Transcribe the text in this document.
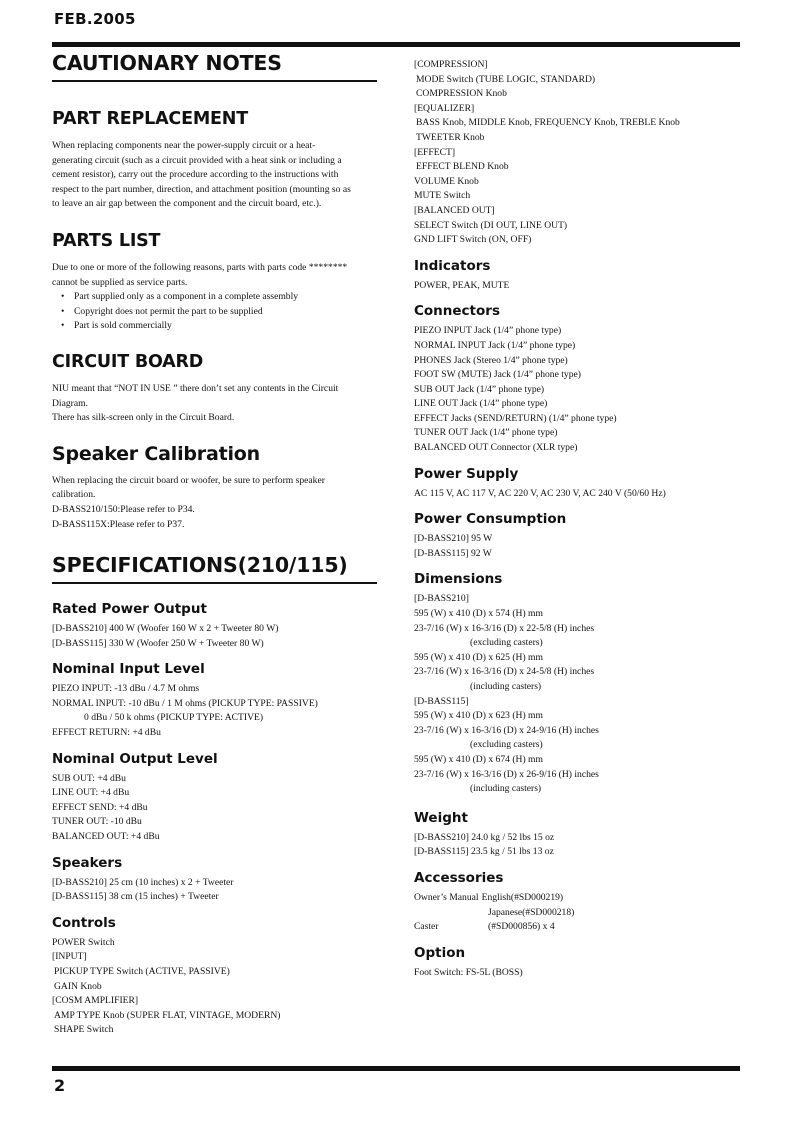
FEB.2005
CAUTIONARY NOTES
PART REPLACEMENT
When replacing components near the power-supply circuit or a heat-
generating circuit (such as a circuit provided with a heat sink or including a
cement resistor), carry out the procedure according to the instructions with
respect to the part number, direction, and attachment position (mounting so as
to leave an air gap between the component and the circuit board, etc.).
PARTS LIST
Due to one or more of the following reasons, parts with parts code ********
cannot be supplied as service parts.
• Part supplied only as a component in a complete assembly
• Copyright does not permit the part to be supplied
• Part is sold commercially
CIRCUIT BOARD
NIU meant that “NOT IN USE ” there don’t set any contents in the Circuit
Diagram.
There has silk-screen only in the Circuit Board.
Speaker Calibration
When replacing the circuit board or woofer, be sure to perform speaker
calibration.
D-BASS210/150:Please refer to P34.
D-BASS115X:Please refer to P37.
SPECIFICATIONS(210/115)
Rated Power Output
[D-BASS210] 400 W (Woofer 160 W x 2 + Tweeter 80 W)
[D-BASS115] 330 W (Woofer 250 W + Tweeter 80 W)
Nominal Input Level
PIEZO INPUT: -13 dBu / 4.7 M ohms
NORMAL INPUT: -10 dBu / 1 M ohms (PICKUP TYPE: PASSIVE)
0 dBu / 50 k ohms (PICKUP TYPE: ACTIVE)
EFFECT RETURN: +4 dBu
Nominal Output Level
SUB OUT: +4 dBu
LINE OUT: +4 dBu
EFFECT SEND: +4 dBu
TUNER OUT: -10 dBu
BALANCED OUT: +4 dBu
Speakers
[D-BASS210] 25 cm (10 inches) x 2 + Tweeter
[D-BASS115] 38 cm (15 inches) + Tweeter
Controls
POWER Switch
[INPUT]
PICKUP TYPE Switch (ACTIVE, PASSIVE)
GAIN Knob
[COSM AMPLIFIER]
AMP TYPE Knob (SUPER FLAT, VINTAGE, MODERN)
SHAPE Switch
[COMPRESSION]
MODE Switch (TUBE LOGIC, STANDARD)
COMPRESSION Knob
[EQUALIZER]
BASS Knob, MIDDLE Knob, FREQUENCY Knob, TREBLE Knob
TWEETER Knob
[EFFECT]
EFFECT BLEND Knob
VOLUME Knob
MUTE Switch
[BALANCED OUT]
SELECT Switch (DI OUT, LINE OUT)
GND LIFT Switch (ON, OFF)
Indicators
POWER, PEAK, MUTE
Connectors
PIEZO INPUT Jack (1/4” phone type)
NORMAL INPUT Jack (1/4” phone type)
PHONES Jack (Stereo 1/4” phone type)
FOOT SW (MUTE) Jack (1/4” phone type)
SUB OUT Jack (1/4” phone type)
LINE OUT Jack (1/4” phone type)
EFFECT Jacks (SEND/RETURN) (1/4” phone type)
TUNER OUT Jack (1/4” phone type)
BALANCED OUT Connector (XLR type)
Power Supply
AC 115 V, AC 117 V, AC 220 V, AC 230 V, AC 240 V (50/60 Hz)
Power Consumption
[D-BASS210] 95 W
[D-BASS115] 92 W
Dimensions
[D-BASS210]
595 (W) x 410 (D) x 574 (H) mm
23-7/16 (W) x 16-3/16 (D) x 22-5/8 (H) inches
(excluding casters)
595 (W) x 410 (D) x 625 (H) mm
23-7/16 (W) x 16-3/16 (D) x 24-5/8 (H) inches
(including casters)
[D-BASS115]
595 (W) x 410 (D) x 623 (H) mm
23-7/16 (W) x 16-3/16 (D) x 24-9/16 (H) inches
(excluding casters)
595 (W) x 410 (D) x 674 (H) mm
23-7/16 (W) x 16-3/16 (D) x 26-9/16 (H) inches
(including casters)
Weight
[D-BASS210] 24.0 kg / 52 lbs 15 oz
[D-BASS115] 23.5 kg / 51 lbs 13 oz
Accessories
Owner’s Manual English(#SD000219)
Japanese(#SD000218)
Caster	(#SD000856) x 4
Option
Foot Switch: FS-5L (BOSS)
2
